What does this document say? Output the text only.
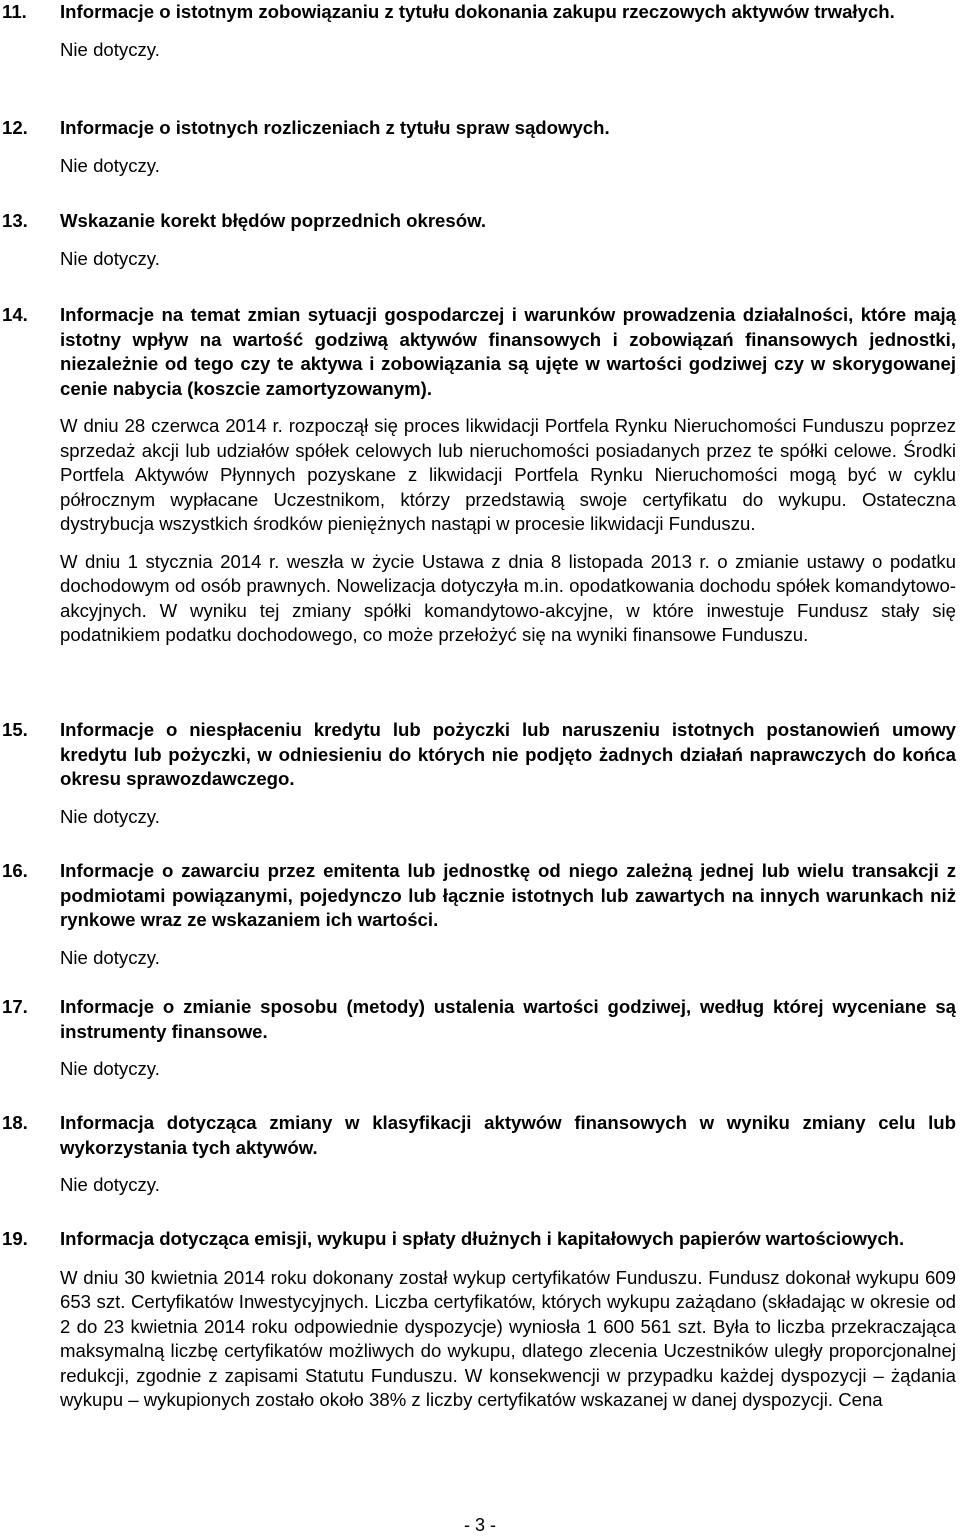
11.	Informacje o istotnym zobowiązaniu z tytułu dokonania zakupu rzeczowych aktywów trwałych.

Nie dotyczy.

12.	Informacje o istotnych rozliczeniach z tytułu spraw sądowych.

Nie dotyczy.

13.	Wskazanie korekt błędów poprzednich okresów.

Nie dotyczy.

14.	Informacje na temat zmian sytuacji gospodarczej i warunków prowadzenia działalności, które mają istotny wpływ na wartość godziwą aktywów finansowych i zobowiązań finansowych jednostki, niezależnie od tego czy te aktywa i zobowiązania są ujęte w wartości godziwej czy w skorygowanej cenie nabycia (koszcie zamortyzowanym).

W dniu 28 czerwca 2014 r. rozpoczął się proces likwidacji Portfela Rynku Nieruchomości Funduszu poprzez sprzedaż akcji lub udziałów spółek celowych lub nieruchomości posiadanych przez te spółki celowe. Środki Portfela Aktywów Płynnych pozyskane z likwidacji Portfela Rynku Nieruchomości mogą być w cyklu półrocznym wypłacane Uczestnikom, którzy przedstawią swoje certyfikatu do wykupu. Ostateczna dystrybucja wszystkich środków pieniężnych nastąpi w procesie likwidacji Funduszu.

W dniu 1 stycznia 2014 r. weszła w życie Ustawa z dnia 8 listopada 2013 r. o zmianie ustawy o podatku dochodowym od osób prawnych. Nowelizacja dotyczyła m.in. opodatkowania dochodu spółek komandytowo-akcyjnych. W wyniku tej zmiany spółki komandytowo-akcyjne, w które inwestuje Fundusz stały się podatnikiem podatku dochodowego, co może przełożyć się na wyniki finansowe Funduszu.

15.	Informacje o niespłaceniu kredytu lub pożyczki lub naruszeniu istotnych postanowień umowy kredytu lub pożyczki, w odniesieniu do których nie podjęto żadnych działań naprawczych do końca okresu sprawozdawczego.

Nie dotyczy.

16.	Informacje o zawarciu przez emitenta lub jednostkę od niego zależną jednej lub wielu transakcji z podmiotami powiązanymi, pojedynczo lub łącznie istotnych lub zawartych na innych warunkach niż rynkowe wraz ze wskazaniem ich wartości.

Nie dotyczy.

17.	Informacje o zmianie sposobu (metody) ustalenia wartości godziwej, według której wyceniane są instrumenty finansowe.

Nie dotyczy.

18.	Informacja dotycząca zmiany w klasyfikacji aktywów finansowych w wyniku zmiany celu lub wykorzystania tych aktywów.

Nie dotyczy.

19.	Informacja dotycząca emisji, wykupu i spłaty dłużnych i kapitałowych papierów wartościowych.

W dniu 30 kwietnia 2014 roku dokonany został wykup certyfikatów Funduszu. Fundusz dokonał wykupu 609 653 szt. Certyfikatów Inwestycyjnych. Liczba certyfikatów, których wykupu zażądano (składając w okresie od 2 do 23 kwietnia 2014 roku odpowiednie dyspozycje) wyniosła 1 600 561 szt. Była to liczba przekraczająca maksymalną liczbę certyfikatów możliwych do wykupu, dlatego zlecenia Uczestników uległy proporcjonalnej redukcji, zgodnie z zapisami Statutu Funduszu. W konsekwencji w przypadku każdej dyspozycji – żądania wykupu – wykupionych zostało około 38% z liczby certyfikatów wskazanej w danej dyspozycji. Cena

- 3 -
